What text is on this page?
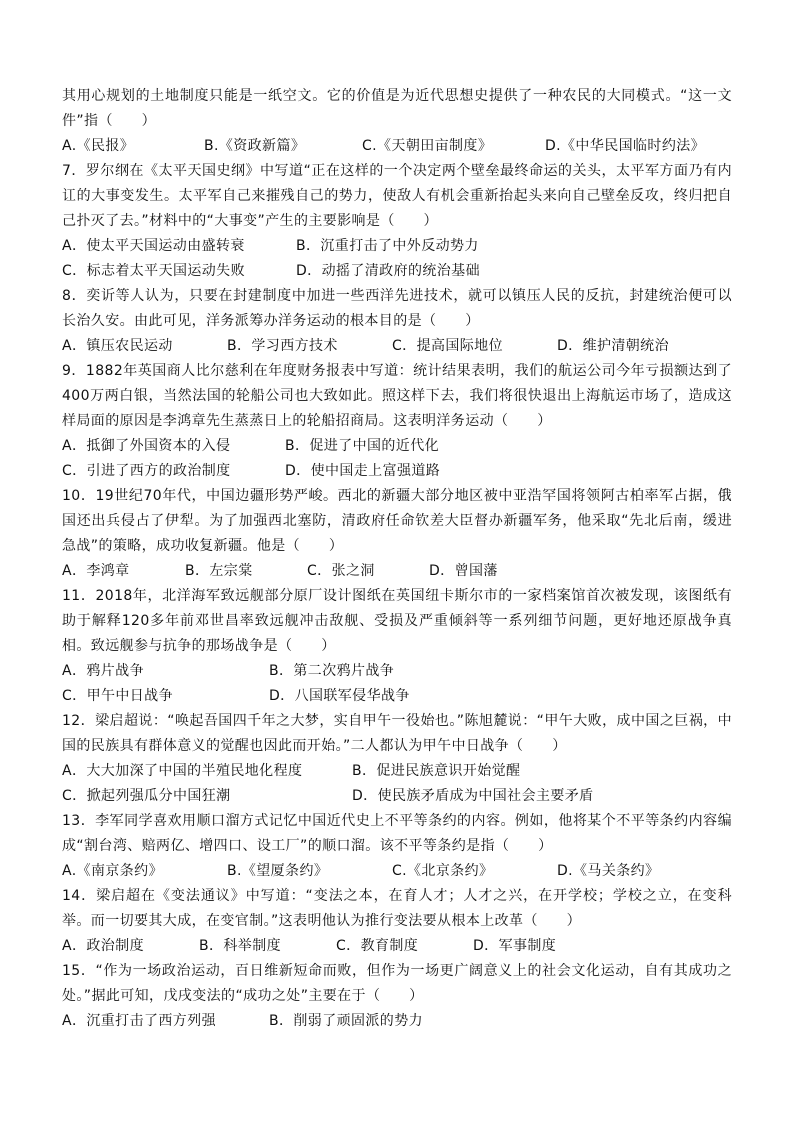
其用心规划的土地制度只能是一纸空文。它的价值是为近代思想史提供了一种农民的大同模式。“这一文件”指（　　）

A.《民报》	B.《资政新篇》	C.《天朝田亩制度》	D.《中华民国临时约法》

7．罗尔纲在《太平天国史纲》中写道“正在这样的一个决定两个壁垒最终命运的关头，太平军方面乃有内讧的大事变发生。太平军自己来摧残自己的势力，使敌人有机会重新抬起头来向自己壁垒反攻，终归把自己扑灭了去。”材料中的“大事变”产生的主要影响是（　　）

A．使太平天国运动由盛转衰	B．沉重打击了中外反动势力
C．标志着太平天国运动失败	D．动摇了清政府的统治基础

8．奕䜣等人认为，只要在封建制度中加进一些西洋先进技术，就可以镇压人民的反抗，封建统治便可以长治久安。由此可见，洋务派筹办洋务运动的根本目的是（　　）

A．镇压农民运动	B．学习西方技术	C．提高国际地位	D．维护清朝统治

9．1882年英国商人比尔慈利在年度财务报表中写道：统计结果表明，我们的航运公司今年亏损额达到了400万两白银，当然法国的轮船公司也大致如此。照这样下去，我们将很快退出上海航运市场了，造成这样局面的原因是李鸿章先生蒸蒸日上的轮船招商局。这表明洋务运动（　　）

A．抵御了外国资本的入侵	B．促进了中国的近代化
C．引进了西方的政治制度	D．使中国走上富强道路

10．19世纪70年代，中国边疆形势严峻。西北的新疆大部分地区被中亚浩罕国将领阿古柏率军占据，俄国还出兵侵占了伊犁。为了加强西北塞防，清政府任命钦差大臣督办新疆军务，他采取“先北后南，缓进急战”的策略，成功收复新疆。他是（　　）

A．李鸿章	B．左宗棠	C．张之洞	D．曾国藩

11．2018年，北洋海军致远舰部分原厂设计图纸在英国纽卡斯尔市的一家档案馆首次被发现，该图纸有助于解释120多年前邓世昌率致远舰冲击敌舰、受损及严重倾斜等一系列细节问题，更好地还原战争真相。致远舰参与抗争的那场战争是（　　）

A．鸦片战争	B．第二次鸦片战争
C．甲午中日战争	D．八国联军侵华战争

12．梁启超说：“唤起吾国四千年之大梦，实自甲午一役始也。”陈旭麓说：“甲午大败，成中国之巨祸，中国的民族具有群体意义的觉醒也因此而开始。”二人都认为甲午中日战争（　　）

A．大大加深了中国的半殖民地化程度	B．促进民族意识开始觉醒
C．掀起列强瓜分中国狂潮	D．使民族矛盾成为中国社会主要矛盾

13．李军同学喜欢用顺口溜方式记忆中国近代史上不平等条约的内容。例如，他将某个不平等条约内容编成“割台湾、赔两亿、增四口、设工厂”的顺口溜。该不平等条约是指（　　）

A.《南京条约》	B.《望厦条约》	C.《北京条约》	D.《马关条约》

14．梁启超在《变法通议》中写道：“变法之本，在育人才；人才之兴，在开学校；学校之立，在变科举。而一切要其大成，在变官制。”这表明他认为推行变法要从根本上改革（　　）

A．政治制度	B．科举制度	C．教育制度	D．军事制度

15．“作为一场政治运动，百日维新短命而败，但作为一场更广阔意义上的社会文化运动，自有其成功之处。”据此可知，戊戌变法的“成功之处”主要在于（　　）

A．沉重打击了西方列强	B．削弱了顽固派的势力
